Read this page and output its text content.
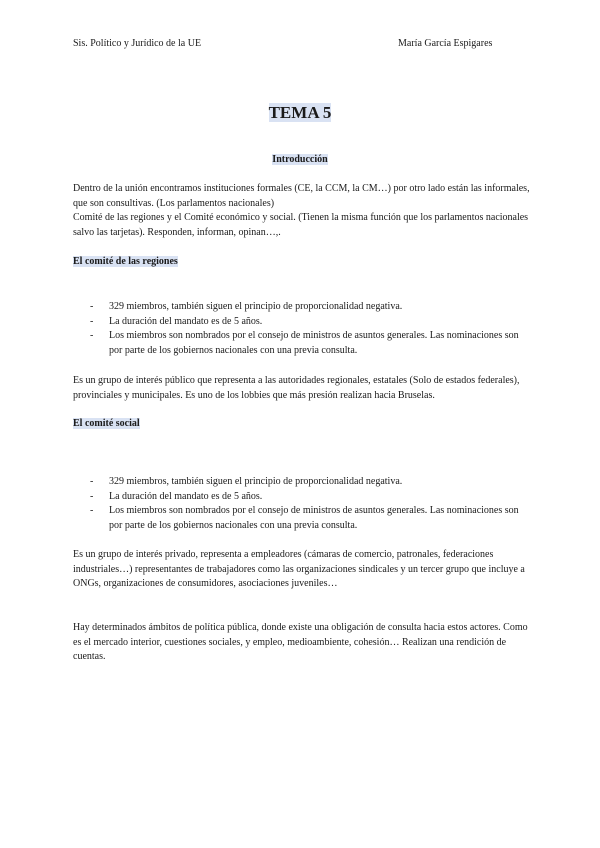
Sis. Político y Jurídico de la UE	María García Espigares
TEMA 5
Introducción

Dentro de la unión encontramos instituciones formales (CE, la CCM, la CM…) por otro lado están las informales, que son consultivas. (Los parlamentos nacionales)

Comité de las regiones y el Comité económico y social. (Tienen la misma función que los parlamentos nacionales salvo las tarjetas). Responden, informan, opinan…,.

El comité de las regiones
- 329 miembros, también siguen el principio de proporcionalidad negativa.
- La duración del mandato es de 5 años.
- Los miembros son nombrados por el consejo de ministros de asuntos generales. Las nominaciones son por parte de los gobiernos nacionales con una previa consulta.
Es un grupo de interés público que representa a las autoridades regionales, estatales (Solo de estados federales), provinciales y municipales. Es uno de los lobbies que más presión realizan hacia Bruselas.
El comité social
- 329 miembros, también siguen el principio de proporcionalidad negativa.
- La duración del mandato es de 5 años.
- Los miembros son nombrados por el consejo de ministros de asuntos generales. Las nominaciones son por parte de los gobiernos nacionales con una previa consulta.
Es un grupo de interés privado, representa a empleadores (cámaras de comercio, patronales, federaciones industriales…) representantes de trabajadores como las organizaciones sindicales y un tercer grupo que incluye a ONGs, organizaciones de consumidores, asociaciones juveniles…
Hay determinados ámbitos de política pública, donde existe una obligación de consulta hacia estos actores. Como es el mercado interior, cuestiones sociales, y empleo, medioambiente, cohesión… Realizan una rendición de cuentas.
